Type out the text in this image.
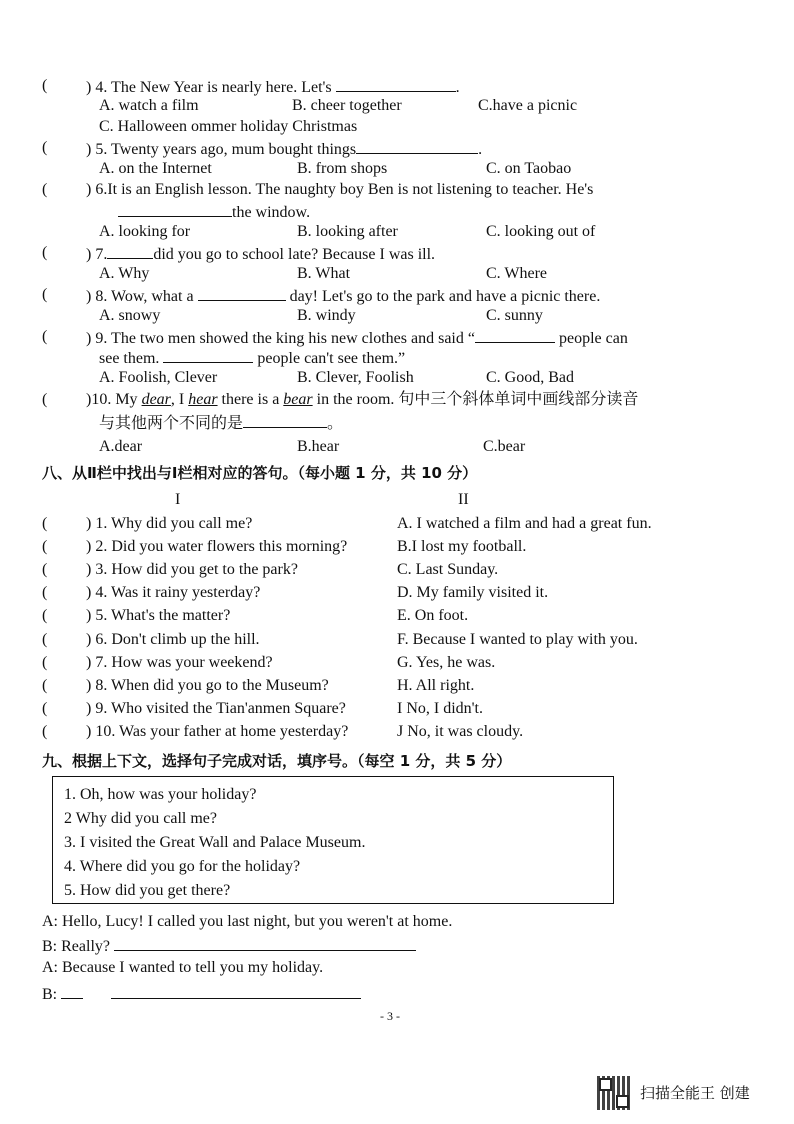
( ) 4. The New Year is nearly here. Let's	.
A. watch a film	B. cheer together	C.have a picnic
C. Halloween ommer holiday Christmas
( ) 5. Twenty years ago, mum bought things	.
A. on the Internet	B. from shops	C. on Taobao
( ) 6.It is an English lesson. The naughty boy Ben is not listening to teacher. He's
the window.
A. looking for	B. looking after	C. looking out of
( ) 7.	did you go to school late? Because I was ill.
A. Why	B. What	C. Where
( ) 8. Wow, what a	day! Let's go to the park and have a picnic there.
A. snowy	B. windy	C. sunny
( ) 9. The two men showed the king his new clothes and said “	people can
see them.	people can't see them.”
A. Foolish, Clever	B. Clever, Foolish	C. Good, Bad
( )10. My dear, I hear there is a bear in the room. 句中三个斜体单词中画线部分读音
与其他两个不同的是	。
A.dear	B.hear	C.bear
八、从Ⅱ栏中找出与Ⅰ栏相对应的答句。（每小题 1 分，共 10 分）
I	II
( ) 1. Why did you call me?	A. I watched a film and had a great fun.
( ) 2. Did you water flowers this morning?	B.I lost my football.
( ) 3. How did you get to the park?	C. Last Sunday.
( ) 4. Was it rainy yesterday?	D. My family visited it.
( ) 5. What's the matter?	E. On foot.
( ) 6. Don't climb up the hill.	F. Because I wanted to play with you.
( ) 7. How was your weekend?	G. Yes, he was.
( ) 8. When did you go to the Museum?	H. All right.
( ) 9. Who visited the Tian'anmen Square?	I No, I didn't.
( ) 10. Was your father at home yesterday?	J No, it was cloudy.
九、根据上下文，选择句子完成对话，填序号。（每空 1 分，共 5 分）
1. Oh, how was your holiday?
2 Why did you call me?
3. I visited the Great Wall and Palace Museum.
4. Where did you go for the holiday?
5. How did you get there?
A: Hello, Lucy! I called you last night, but you weren't at home.
B: Really?
A: Because I wanted to tell you my holiday.
B:
- 3 -
扫描全能王 创建
